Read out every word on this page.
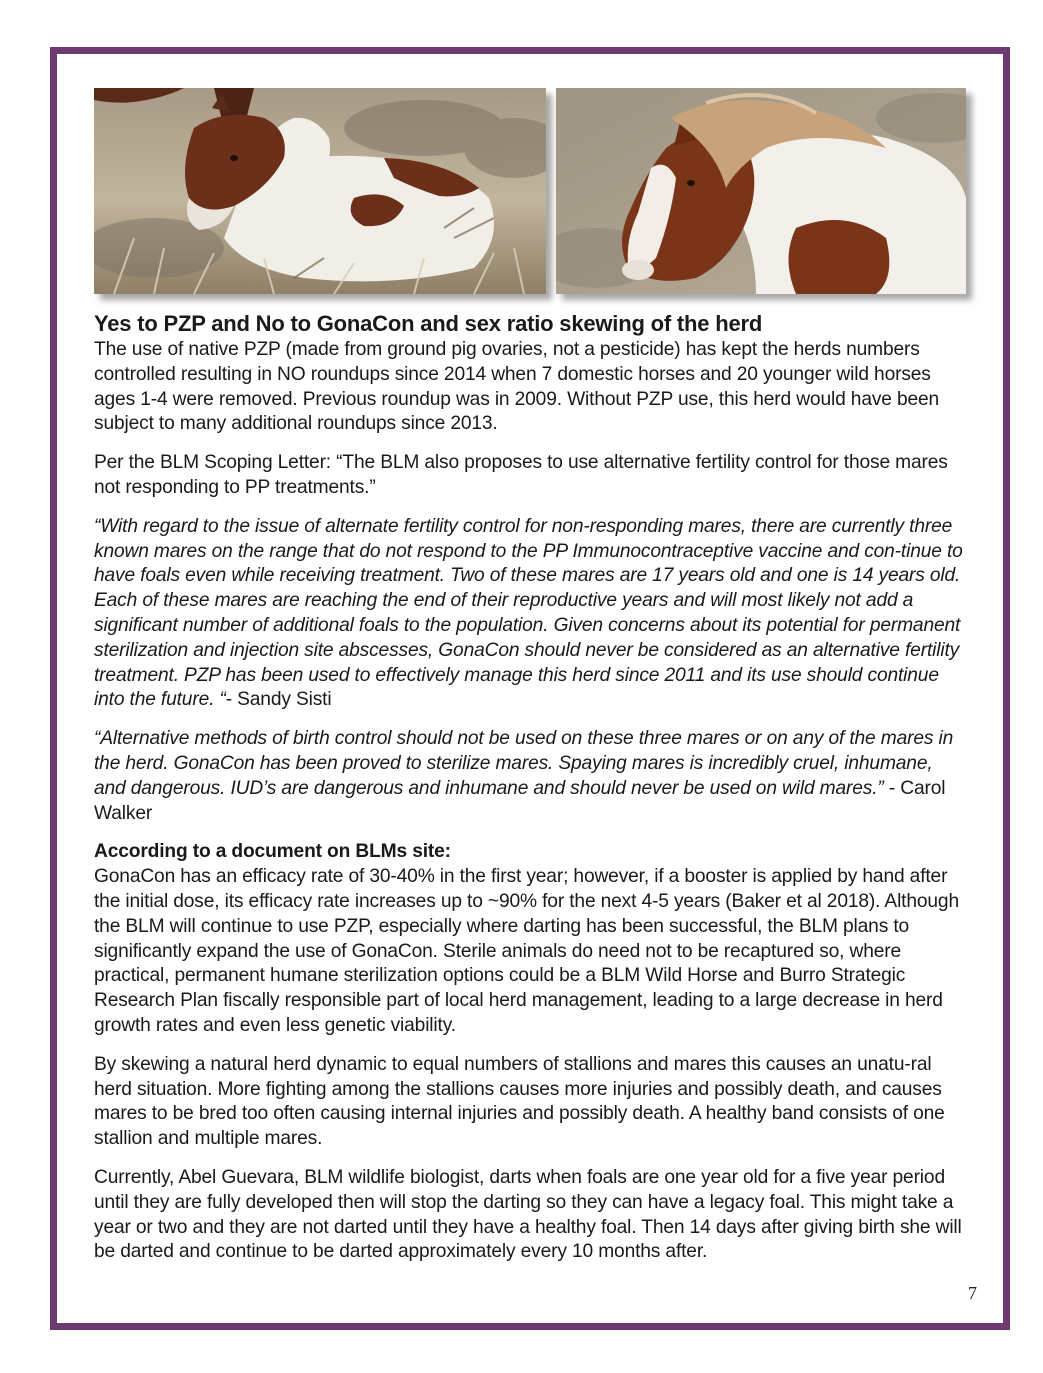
Yes to PZP and No to GonaCon and sex ratio skewing of the herd

The use of native PZP (made from ground pig ovaries, not a pesticide) has kept the herds numbers controlled resulting in NO roundups since 2014 when 7 domestic horses and 20 younger wild horses ages 1-4 were removed. Previous roundup was in 2009. Without PZP use, this herd would have been subject to many additional roundups since 2013.

Per the BLM Scoping Letter: “The BLM also proposes to use alternative fertility control for those mares not responding to PP treatments.”

“With regard to the issue of alternate fertility control for non-responding mares, there are currently three known mares on the range that do not respond to the PP Immunocontraceptive vaccine and con-tinue to have foals even while receiving treatment. Two of these mares are 17 years old and one is 14 years old. Each of these mares are reaching the end of their reproductive years and will most likely not add a significant number of additional foals to the population. Given concerns about its potential for permanent sterilization and injection site abscesses, GonaCon should never be considered as an alternative fertility treatment. PZP has been used to effectively manage this herd since 2011 and its use should continue into the future. “- Sandy Sisti

“Alternative methods of birth control should not be used on these three mares or on any of the mares in the herd. GonaCon has been proved to sterilize mares. Spaying mares is incredibly cruel, inhumane, and dangerous. IUD’s are dangerous and inhumane and should never be used on wild mares.” - Carol Walker

According to a document on BLMs site:

GonaCon has an efficacy rate of 30-40% in the first year; however, if a booster is applied by hand after the initial dose, its efficacy rate increases up to ~90% for the next 4-5 years (Baker et al 2018). Although the BLM will continue to use PZP, especially where darting has been successful, the BLM plans to significantly expand the use of GonaCon. Sterile animals do need not to be recaptured so, where practical, permanent humane sterilization options could be a BLM Wild Horse and Burro Strategic Research Plan fiscally responsible part of local herd management, leading to a large decrease in herd growth rates and even less genetic viability.

By skewing a natural herd dynamic to equal numbers of stallions and mares this causes an unatu-ral herd situation. More fighting among the stallions causes more injuries and possibly death, and causes mares to be bred too often causing internal injuries and possibly death. A healthy band consists of one stallion and multiple mares.

Currently, Abel Guevara, BLM wildlife biologist, darts when foals are one year old for a five year period until they are fully developed then will stop the darting so they can have a legacy foal. This might take a year or two and they are not darted until they have a healthy foal. Then 14 days after giving birth she will be darted and continue to be darted approximately every 10 months after.

7
